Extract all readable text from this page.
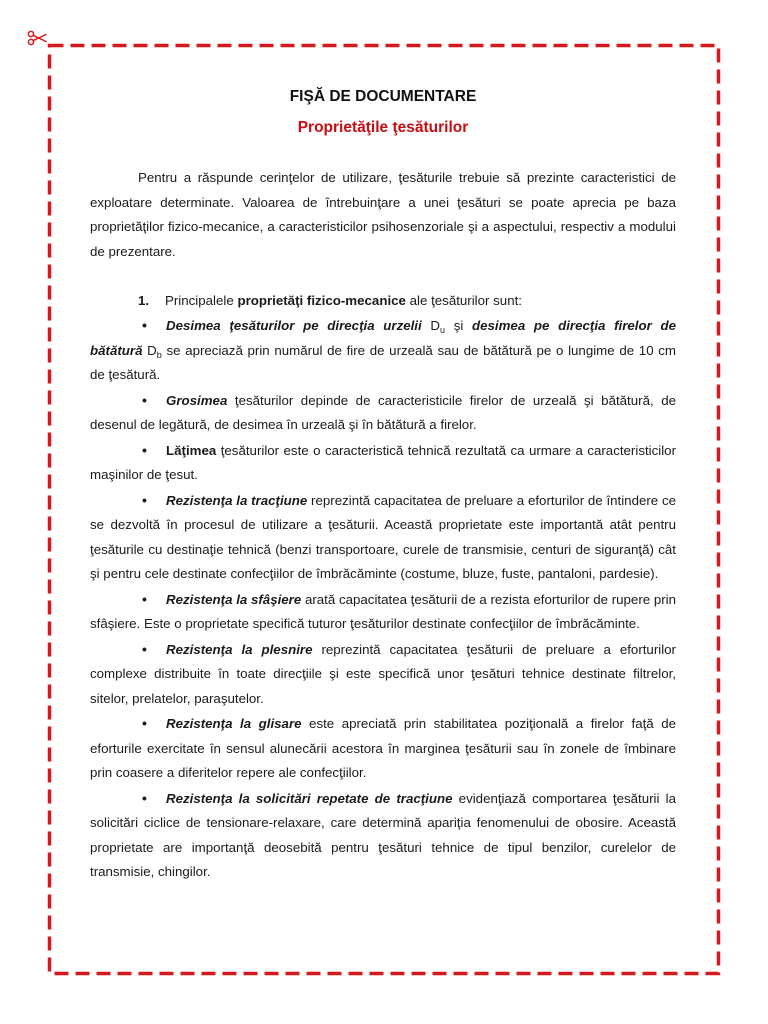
FIŞĂ DE DOCUMENTARE
Proprietăţile ţesăturilor

Pentru a răspunde cerinţelor de utilizare, ţesăturile trebuie să prezinte caracteristici de exploatare determinate. Valoarea de întrebuinţare a unei ţesături se poate aprecia pe baza proprietăţilor fizico-mecanice, a caracteristicilor psihosenzoriale şi a aspectului, respectiv a modului de prezentare.

1. Principalele proprietăţi fizico-mecanice ale ţesăturilor sunt:

•Desimea ţesăturilor pe direcţia urzelii $D_u$ şi desimea pe direcţia firelor de bătătură $D_b$ se apreciază prin numărul de fire de urzeală sau de bătătură pe o lungime de 10 cm de ţesătură.

•Grosimea ţesăturilor depinde de caracteristicile firelor de urzeală şi bătătură, de desenul de legătură, de desimea în urzeală şi în bătătură a firelor.

•Lăţimea ţesăturilor este o caracteristică tehnică rezultată ca urmare a caracteristicilor maşinilor de ţesut.

•Rezistenţa la tracţiune reprezintă capacitatea de preluare a eforturilor de întindere ce se dezvoltă în procesul de utilizare a ţesăturii. Această proprietate este importantă atât pentru ţesăturile cu destinaţie tehnică (benzi transportoare, curele de transmisie, centuri de siguranţă) cât şi pentru cele destinate confecţiilor de îmbrăcăminte (costume, bluze, fuste, pantaloni, pardesie).

•Rezistenţa la sfâşiere arată capacitatea ţesăturii de a rezista eforturilor de rupere prin sfâşiere. Este o proprietate specifică tuturor ţesăturilor destinate confecţiilor de îmbrăcăminte.

•Rezistenţa la plesnire reprezintă capacitatea ţesăturii de preluare a eforturilor complexe distribuite în toate direcţiile şi este specifică unor ţesături tehnice destinate filtrelor, sitelor, prelatelor, paraşutelor.

•Rezistenţa la glisare este apreciată prin stabilitatea poziţională a firelor faţă de eforturile exercitate în sensul alunecării acestora în marginea ţesăturii sau în zonele de îmbinare prin coasere a diferitelor repere ale confecţiilor.

•Rezistenţa la solicitări repetate de tracţiune evidenţiază comportarea ţesăturii la solicitări ciclice de tensionare-relaxare, care determină apariţia fenomenului de obosire. Această proprietate are importanţă deosebită pentru ţesături tehnice de tipul benzilor, curelelor de transmisie, chingilor.
